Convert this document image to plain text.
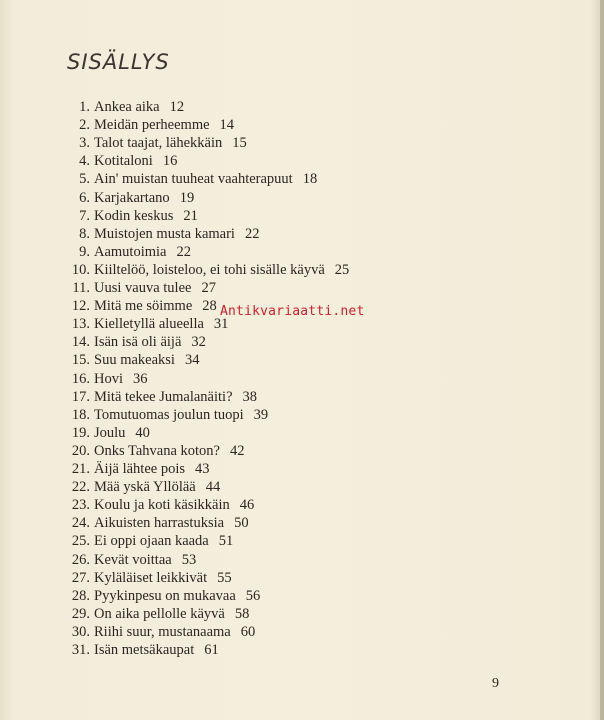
SISÄLLYS
1. Ankea aika 12
2. Meidän perheemme 14
3. Talot taajat, lähekkäin 15
4. Kotitaloni 16
5. Ain' muistan tuuheat vaahterapuut 18
6. Karjakartano 19
7. Kodin keskus 21
8. Muistojen musta kamari 22
9. Aamutoimia 22
10. Kiiltelöö, loisteloo, ei tohi sisälle käyvä 25
11. Uusi vauva tulee 27
12. Mitä me söimme 28
13. Kielletyllä alueella 31
14. Isän isä oli äijä 32
15. Suu makeaksi 34
16. Hovi 36
17. Mitä tekee Jumalanäiti? 38
18. Tomutuomas joulun tuopi 39
19. Joulu 40
20. Onks Tahvana koton? 42
21. Äijä lähtee pois 43
22. Mää yskä Yllölää 44
23. Koulu ja koti käsikkäin 46
24. Aikuisten harrastuksia 50
25. Ei oppi ojaan kaada 51
26. Kevät voittaa 53
27. Kyläläiset leikkivät 55
28. Pyykinpesu on mukavaa 56
29. On aika pellolle käyvä 58
30. Riihi suur, mustanaama 60
31. Isän metsäkaupat 61
Antikvariaatti.net
9
